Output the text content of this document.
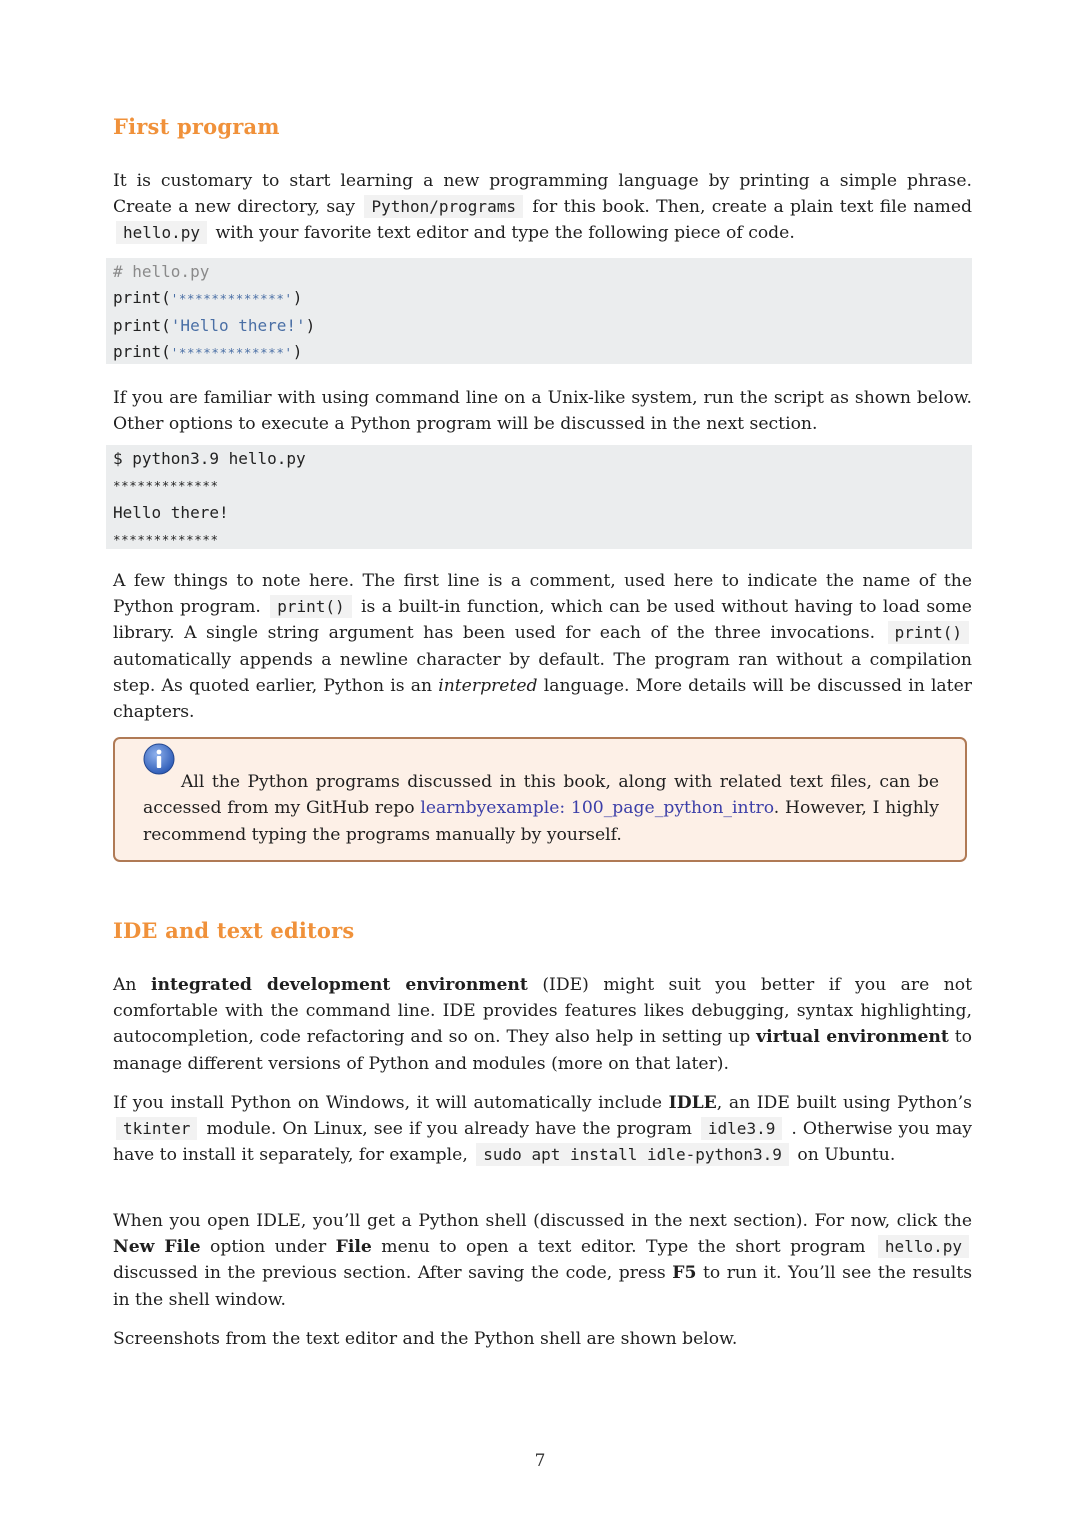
First program

It is customary to start learning a new programming language by printing a simple phrase. Create a new directory, say Python/programs for this book. Then, create a plain text file named hello.py with your favorite text editor and type the following piece of code.

# hello.py
print('*************')
print('Hello there!')
print('*************')

If you are familiar with using command line on a Unix-like system, run the script as shown below. Other options to execute a Python program will be discussed in the next section.

$ python3.9 hello.py
*************
Hello there!
*************

A few things to note here. The first line is a comment, used here to indicate the name of the Python program. print() is a built-in function, which can be used without having to load some library. A single string argument has been used for each of the three invocations. print() automatically appends a newline character by default. The program ran without a compilation step. As quoted earlier, Python is an interpreted language. More details will be discussed in later chapters.

All the Python programs discussed in this book, along with related text files, can be accessed from my GitHub repo learnbyexample: 100_page_python_intro. However, I highly recommend typing the programs manually by yourself.

IDE and text editors

An integrated development environment (IDE) might suit you better if you are not comfortable with the command line. IDE provides features likes debugging, syntax highlighting, autocompletion, code refactoring and so on. They also help in setting up virtual environment to manage different versions of Python and modules (more on that later).

If you install Python on Windows, it will automatically include IDLE, an IDE built using Python’s tkinter module. On Linux, see if you already have the program idle3.9 . Otherwise you may have to install it separately, for example, sudo apt install idle-python3.9 on Ubuntu.

When you open IDLE, you’ll get a Python shell (discussed in the next section). For now, click the New File option under File menu to open a text editor. Type the short program hello.py discussed in the previous section. After saving the code, press F5 to run it. You’ll see the results in the shell window.

Screenshots from the text editor and the Python shell are shown below.

7
